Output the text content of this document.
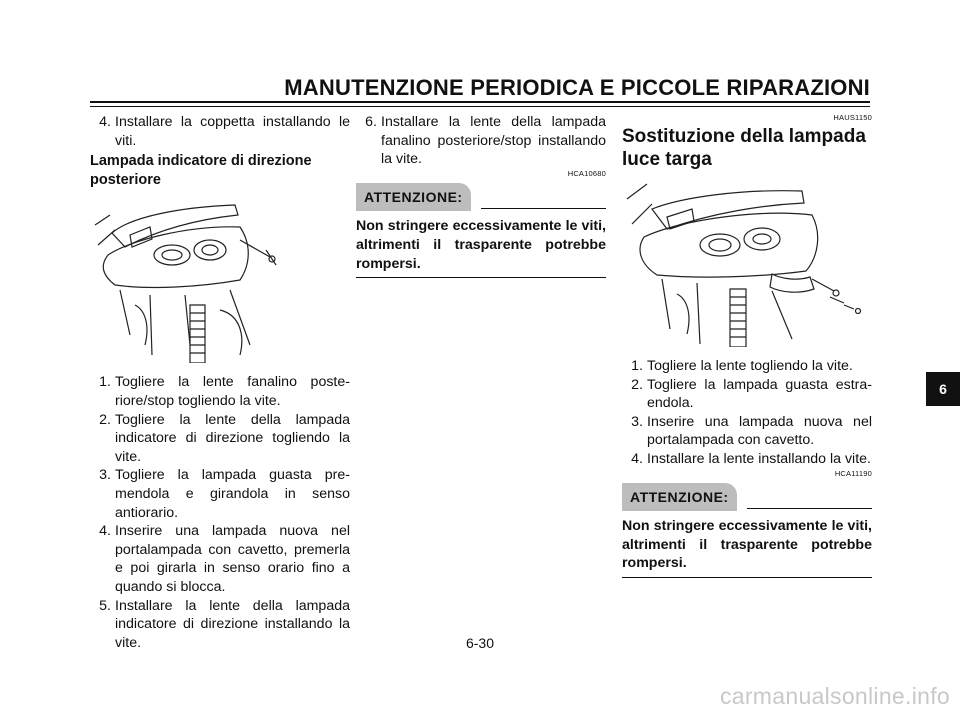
MANUTENZIONE PERIODICA E PICCOLE RIPARAZIONI
4. Installare la coppetta installando le viti.
Lampada indicatore di direzione posteriore
1. Togliere la lente fanalino posteriore/stop togliendo la vite.
2. Togliere la lente della lampada indicatore di direzione togliendo la vite.
3. Togliere la lampada guasta premendola e girandola in senso antiorario.
4. Inserire una lampada nuova nel portalampada con cavetto, premerla e poi girarla in senso orario fino a quando si blocca.
5. Installare la lente della lampada indicatore di direzione installando la vite.
6. Installare la lente della lampada fanalino posteriore/stop installando la vite.
HCA10680
ATTENZIONE:
Non stringere eccessivamente le viti, altrimenti il trasparente potrebbe rompersi.
HAUS1150
Sostituzione della lampada luce targa
1. Togliere la lente togliendo la vite.
2. Togliere la lampada guasta estraendola.
3. Inserire una lampada nuova nel portalampada con cavetto.
4. Installare la lente installando la vite.
HCA11190
ATTENZIONE:
Non stringere eccessivamente le viti, altrimenti il trasparente potrebbe rompersi.
6-30
6
carmanualsonline.info
